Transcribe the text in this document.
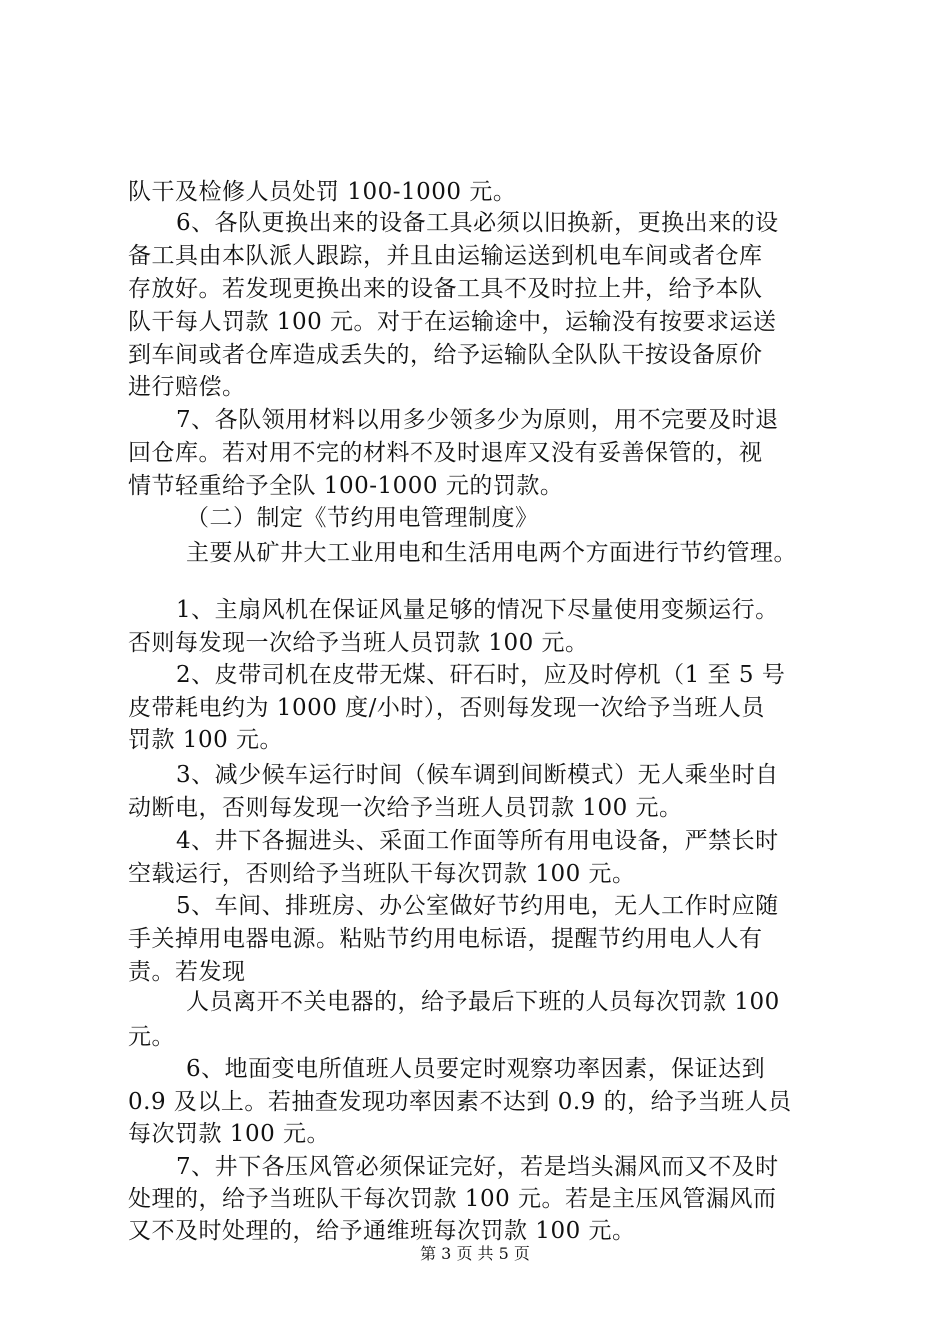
队干及检修人员处罚 100-1000 元。
6、各队更换出来的设备工具必须以旧换新，更换出来的设
备工具由本队派人跟踪，并且由运输运送到机电车间或者仓库
存放好。若发现更换出来的设备工具不及时拉上井，给予本队
队干每人罚款 100 元。对于在运输途中，运输没有按要求运送
到车间或者仓库造成丢失的，给予运输队全队队干按设备原价
进行赔偿。
7、各队领用材料以用多少领多少为原则，用不完要及时退
回仓库。若对用不完的材料不及时退库又没有妥善保管的，视
情节轻重给予全队 100-1000 元的罚款。
（二）制定《节约用电管理制度》
主要从矿井大工业用电和生活用电两个方面进行节约管理。
1、主扇风机在保证风量足够的情况下尽量使用变频运行。
否则每发现一次给予当班人员罚款 100 元。
2、皮带司机在皮带无煤、矸石时，应及时停机（1 至 5 号
皮带耗电约为 1000 度/小时），否则每发现一次给予当班人员
罚款 100 元。
3、减少候车运行时间（候车调到间断模式）无人乘坐时自
动断电，否则每发现一次给予当班人员罚款 100 元。
4、井下各掘进头、采面工作面等所有用电设备，严禁长时
空载运行，否则给予当班队干每次罚款 100 元。
5、车间、排班房、办公室做好节约用电，无人工作时应随
手关掉用电器电源。粘贴节约用电标语，提醒节约用电人人有
责。若发现
人员离开不关电器的，给予最后下班的人员每次罚款 100
元。
6、地面变电所值班人员要定时观察功率因素，保证达到
0.9 及以上。若抽查发现功率因素不达到 0.9 的，给予当班人员
每次罚款 100 元。
7、井下各压风管必须保证完好，若是垱头漏风而又不及时
处理的，给予当班队干每次罚款 100 元。若是主压风管漏风而
又不及时处理的，给予通维班每次罚款 100 元。
第 3 页 共 5 页
